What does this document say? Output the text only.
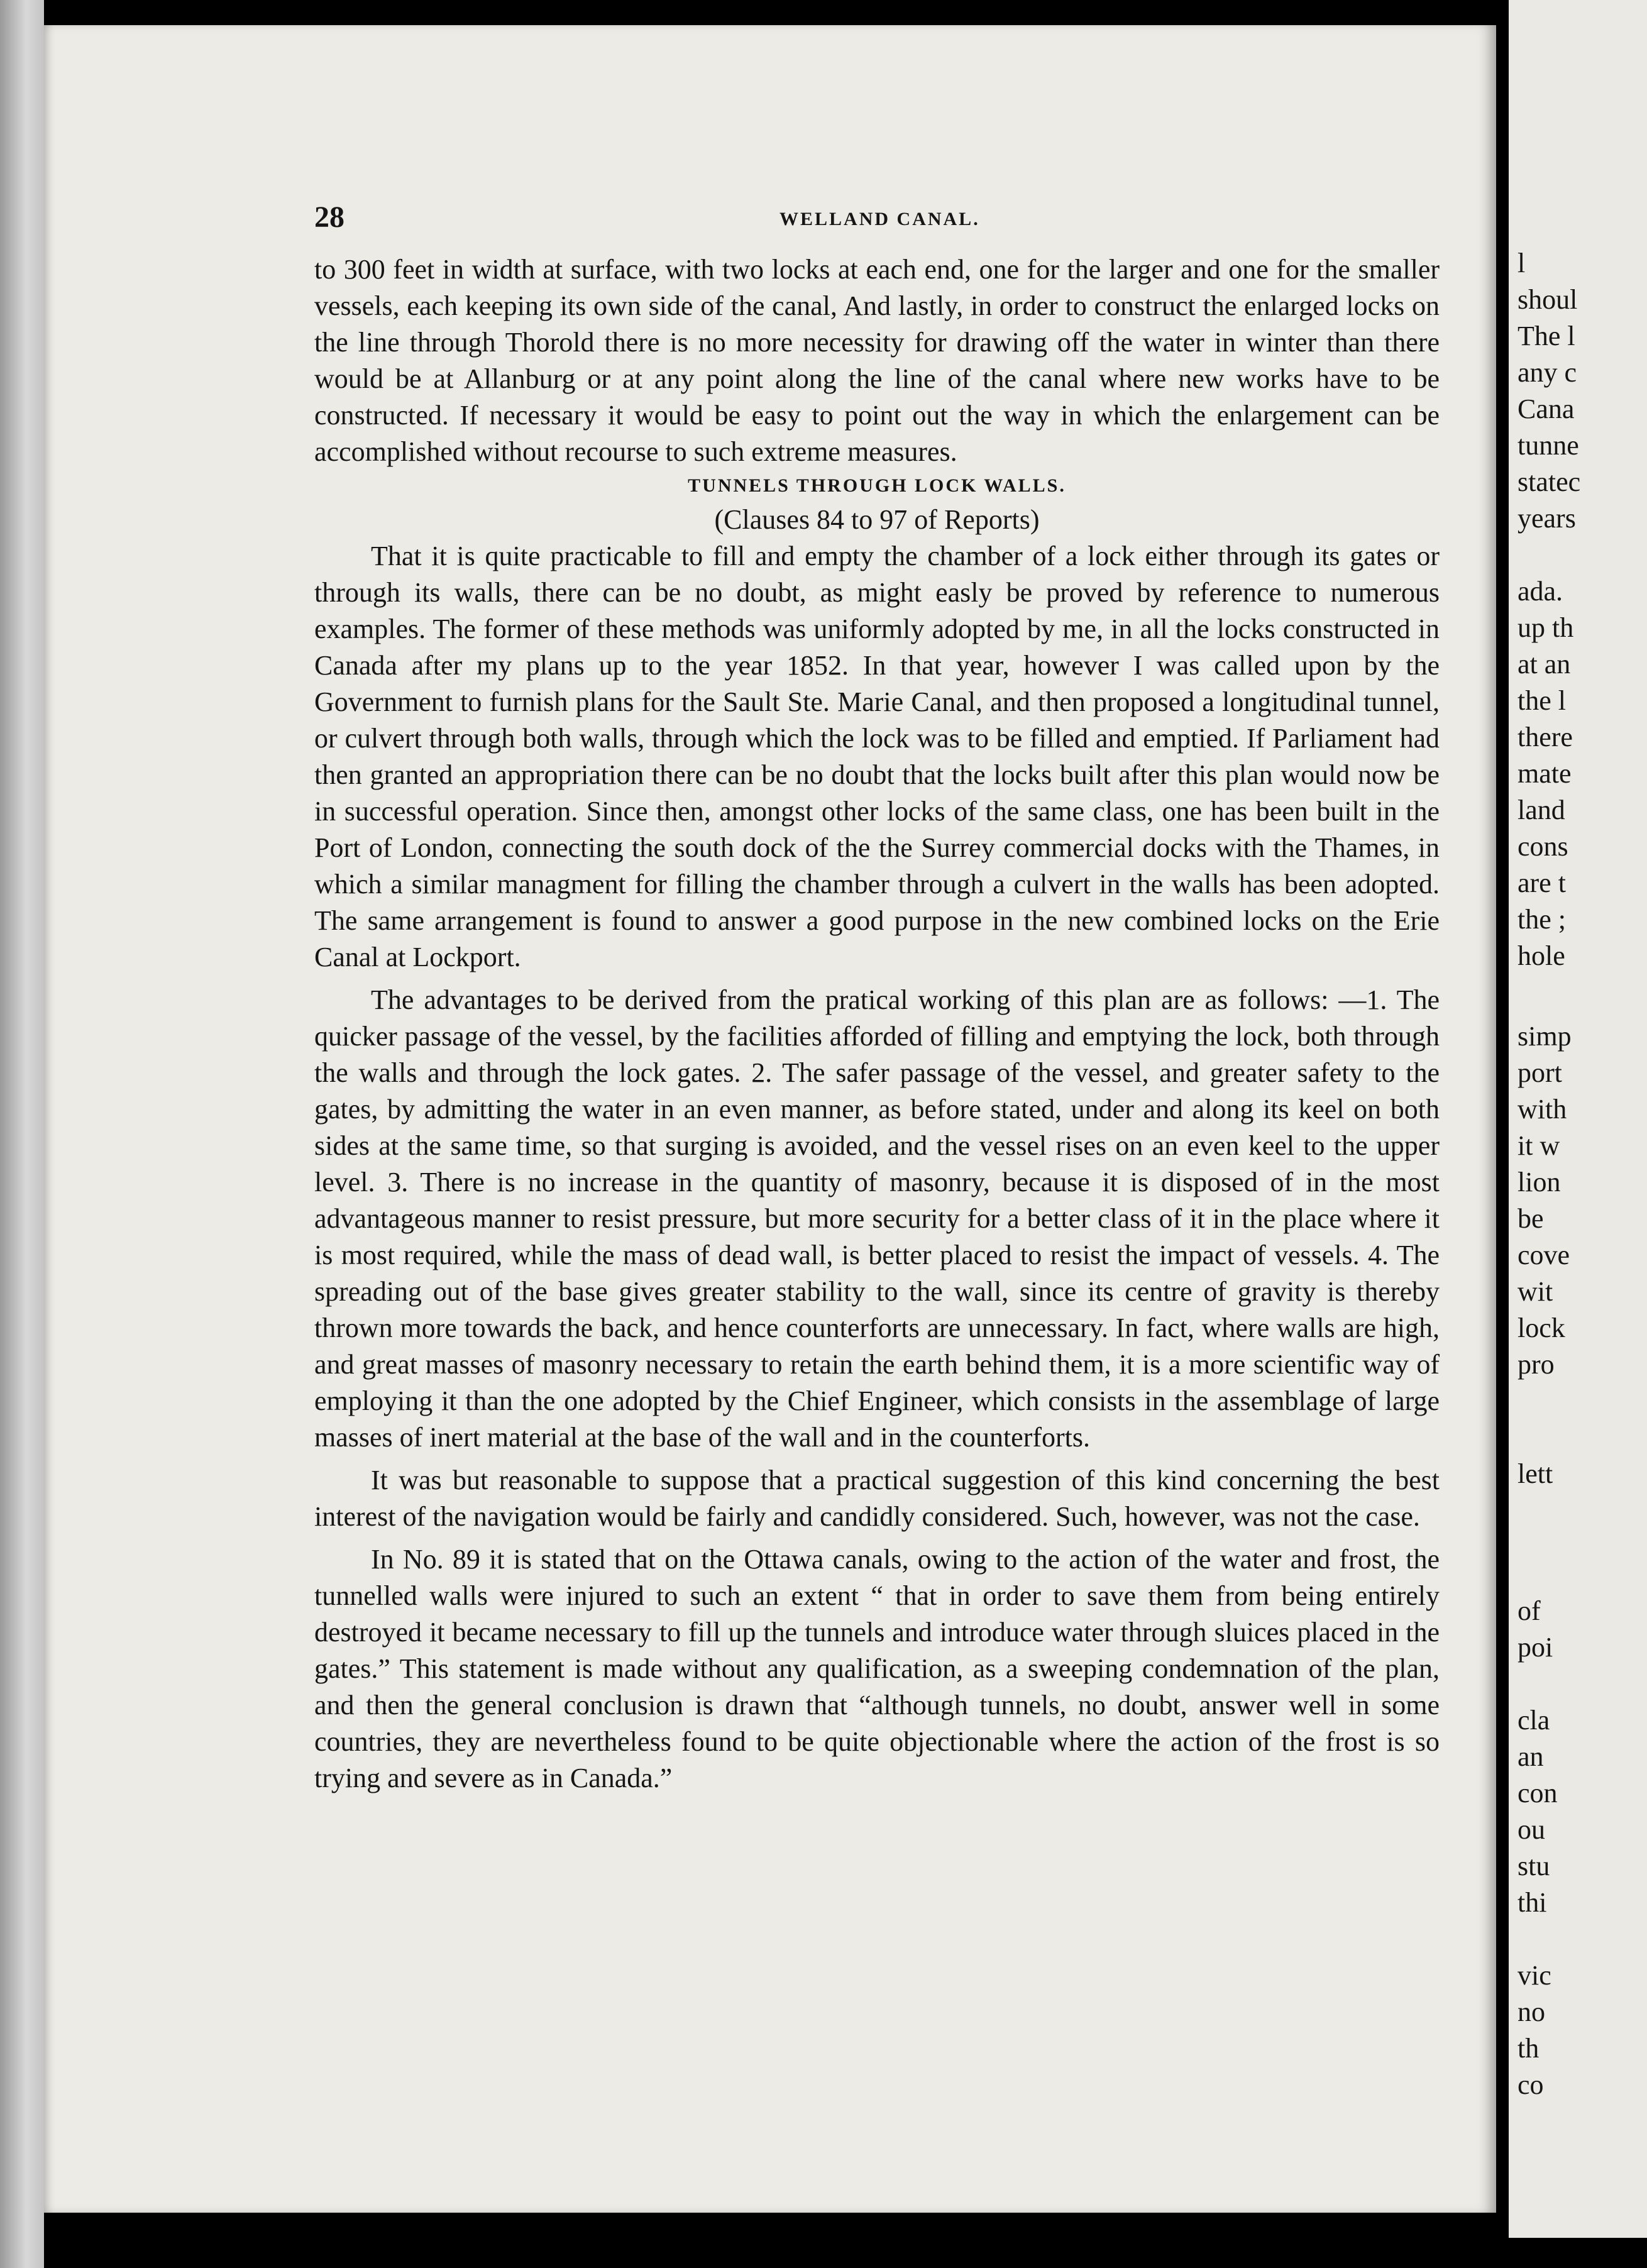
28	WELLAND CANAL.

to 300 feet in width at surface, with two locks at each end, one for the larger and one for the smaller vessels, each keeping its own side of the canal, And lastly, in order to construct the enlarged locks on the line through Thorold there is no more necessity for drawing off the water in winter than there would be at Allanburg or at any point along the line of the canal where new works have to be constructed. If necessary it would be easy to point out the way in which the enlargement can be accomplished without recourse to such extreme measures.

TUNNELS THROUGH LOCK WALLS.

(Clauses 84 to 97 of Reports)

That it is quite practicable to fill and empty the chamber of a lock either through its gates or through its walls, there can be no doubt, as might easly be proved by reference to numerous examples. The former of these methods was uniformly adopted by me, in all the locks constructed in Canada after my plans up to the year 1852. In that year, however I was called upon by the Government to furnish plans for the Sault Ste. Marie Canal, and then proposed a longitudinal tunnel, or culvert through both walls, through which the lock was to be filled and emptied. If Parliament had then granted an appropriation there can be no doubt that the locks built after this plan would now be in successful operation. Since then, amongst other locks of the same class, one has been built in the Port of London, connecting the south dock of the the Surrey commercial docks with the Thames, in which a similar managment for filling the chamber through a culvert in the walls has been adopted. The same arrangement is found to answer a good purpose in the new combined locks on the Erie Canal at Lockport.

The advantages to be derived from the pratical working of this plan are as follows: —1. The quicker passage of the vessel, by the facilities afforded of filling and emptying the lock, both through the walls and through the lock gates. 2. The safer passage of the vessel, and greater safety to the gates, by admitting the water in an even manner, as before stated, under and along its keel on both sides at the same time, so that surging is avoided, and the vessel rises on an even keel to the upper level. 3. There is no increase in the quantity of masonry, because it is disposed of in the most advantageous manner to resist pressure, but more security for a better class of it in the place where it is most required, while the mass of dead wall, is better placed to resist the impact of vessels. 4. The spreading out of the base gives greater stability to the wall, since its centre of gravity is thereby thrown more towards the back, and hence counterforts are unnecessary. In fact, where walls are high, and great masses of masonry necessary to retain the earth behind them, it is a more scientific way of employing it than the one adopted by the Chief Engineer, which consists in the assemblage of large masses of inert material at the base of the wall and in the counterforts.

It was but reasonable to suppose that a practical suggestion of this kind concerning the best interest of the navigation would be fairly and candidly considered. Such, however, was not the case.

In No. 89 it is stated that on the Ottawa canals, owing to the action of the water and frost, the tunnelled walls were injured to such an extent “ that in order to save them from being entirely destroyed it became necessary to fill up the tunnels and introduce water through sluices placed in the gates.” This statement is made without any qualification, as a sweeping condemnation of the plan, and then the general conclusion is drawn that “although tunnels, no doubt, answer well in some countries, they are nevertheless found to be quite objectionable where the action of the frost is so trying and severe as in Canada.”

l
shoul
The l
any c
Cana
tunne
statec
years
ada.
up th
at an
the l
there
mate
land
cons
are t
the ;
hole
simp
port
with
it w
lion
be
cove
wit
lock
pro
lett
of
poi
cla
an
con
ou
stu
thi
vic
no
th
co
